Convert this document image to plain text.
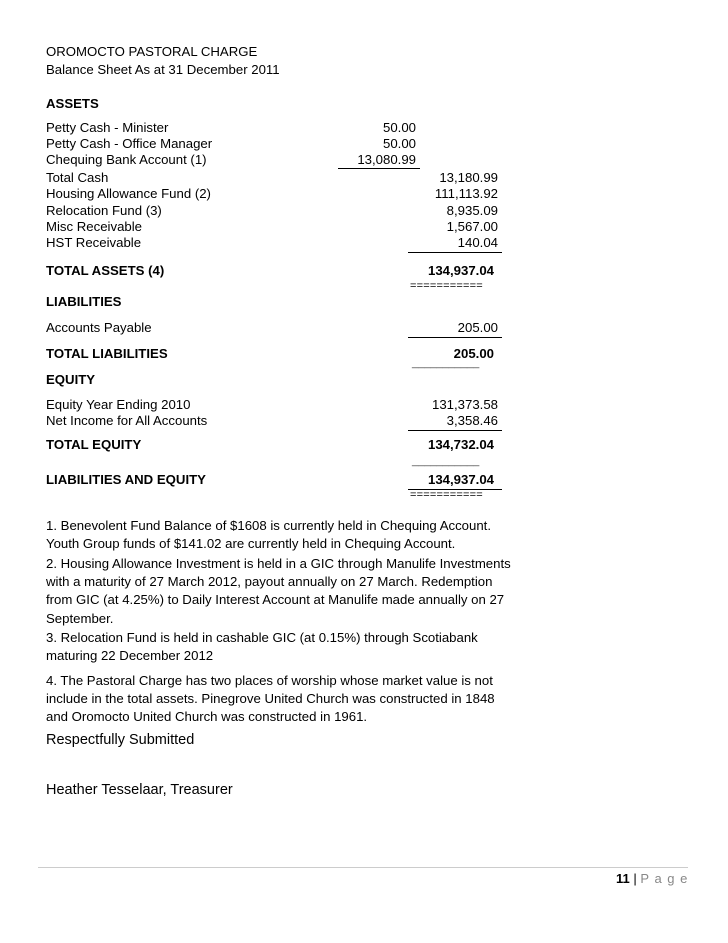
OROMOCTO PASTORAL CHARGE
Balance Sheet As at 31 December 2011
ASSETS
Petty Cash - Minister	50.00
Petty Cash - Office Manager	50.00
Chequing Bank Account (1)	13,080.99
Total Cash	13,180.99
Housing Allowance Fund (2)	111,113.92
Relocation Fund (3)	8,935.09
Misc Receivable	1,567.00
HST Receivable	140.04
TOTAL ASSETS (4)	134,937.04
===========
LIABILITIES
Accounts Payable	205.00
TOTAL LIABILITIES	205.00
___________
EQUITY
Equity Year Ending 2010	131,373.58
Net Income for All Accounts	3,358.46
TOTAL EQUITY	134,732.04
___________
LIABILITIES AND EQUITY	134,937.04
===========
1. Benevolent Fund Balance of $1608 is currently held in Chequing Account. Youth Group funds of $141.02 are currently held in Chequing Account.
2. Housing Allowance Investment is held in a GIC through Manulife Investments with a maturity of 27 March 2012, payout annually on 27 March. Redemption from GIC (at 4.25%) to Daily Interest Account at Manulife made annually on 27 September.
3. Relocation Fund is held in cashable GIC (at 0.15%) through Scotiabank maturing 22 December 2012
4. The Pastoral Charge has two places of worship whose market value is not include in the total assets. Pinegrove United Church was constructed in 1848 and Oromocto United Church was constructed in 1961.
Respectfully Submitted
Heather Tesselaar, Treasurer
11 | P a g e
